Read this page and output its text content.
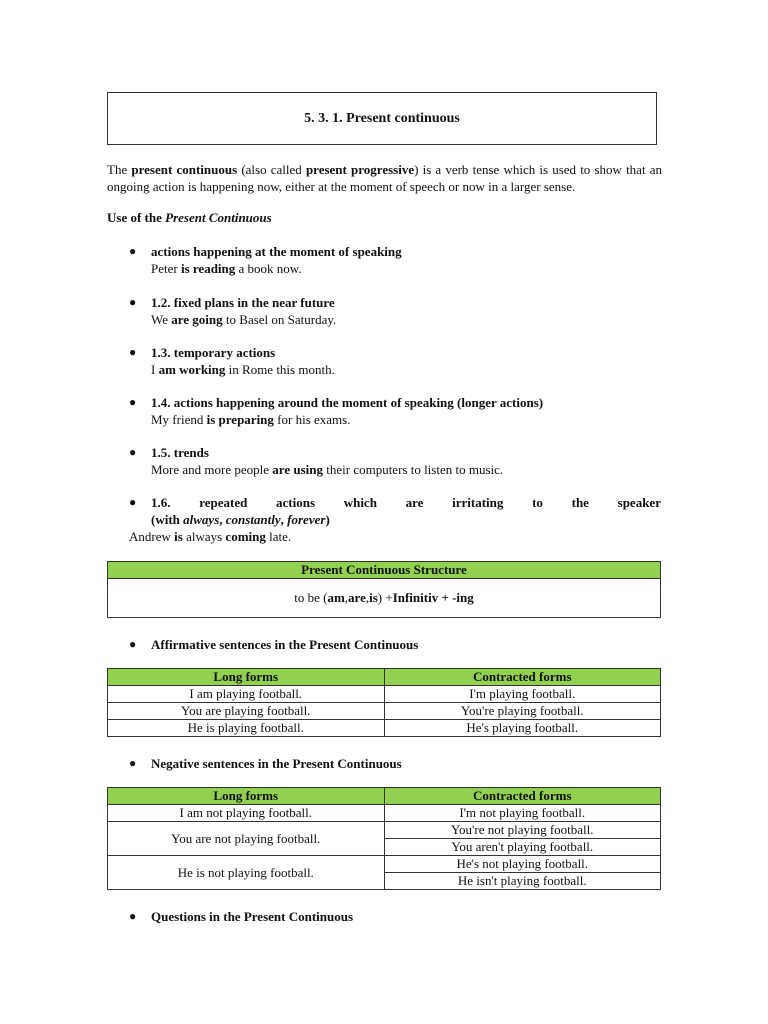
5. 3. 1. Present continuous
The present continuous (also called present progressive) is a verb tense which is used to show that an ongoing action is happening now, either at the moment of speech or now in a larger sense.
Use of the Present Continuous
● actions happening at the moment of speaking
Peter is reading a book now.
● 1.2. fixed plans in the near future
We are going to Basel on Saturday.
● 1.3. temporary actions
I am working in Rome this month.
● 1.4. actions happening around the moment of speaking (longer actions)
My friend is preparing for his exams.
● 1.5. trends
More and more people are using their computers to listen to music.
● 1.6. repeated actions which are irritating to the speaker
(with always, constantly, forever)
Andrew is always coming late.
Present Continuous Structure
to be ( am , are , is ) + Infinitiv + -ing
● Affirmative sentences in the Present Continuous
Long forms	Contracted forms
I am playing football.	I'm playing football.
You are playing football.	You're playing football.
He is playing football.	He's playing football.
● Negative sentences in the Present Continuous
Long forms	Contracted forms
I am not playing football.	I'm not playing football.
You are not playing football.	You're not playing football.
	You aren't playing football.
He is not playing football.	He's not playing football.
	He isn't playing football.
● Questions in the Present Continuous
